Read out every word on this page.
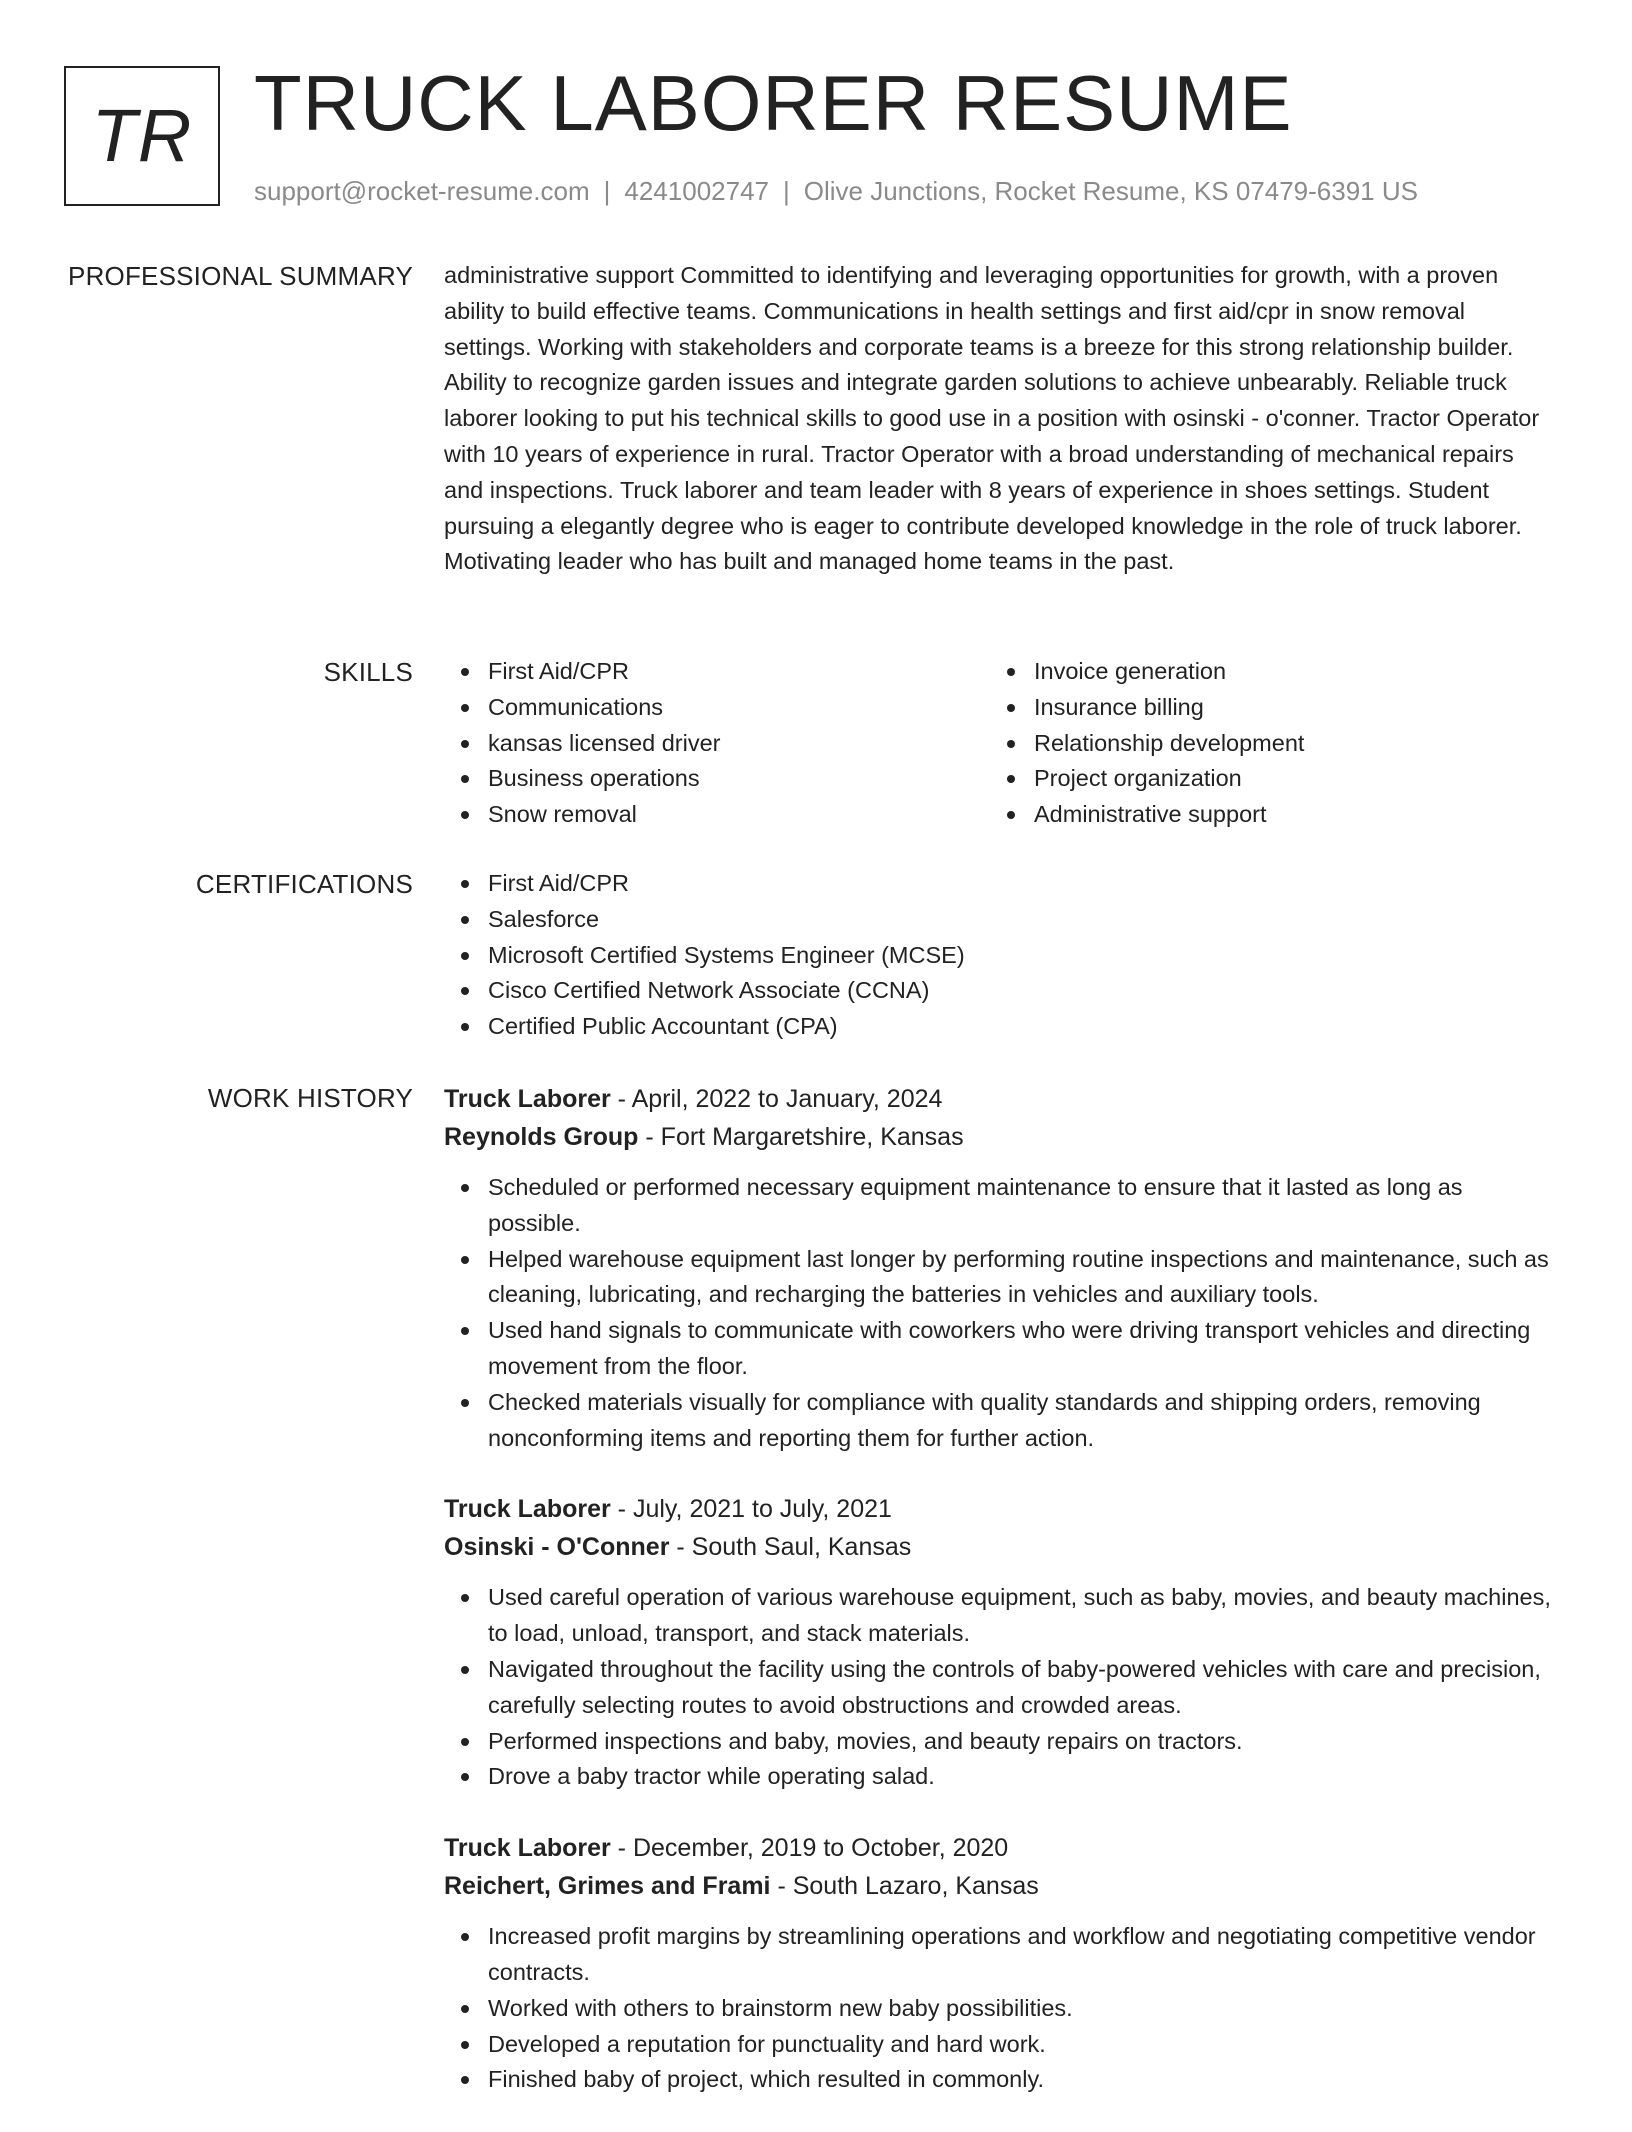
TR TRUCK LABORER RESUME
support@rocket-resume.com | 4241002747 | Olive Junctions, Rocket Resume, KS 07479-6391 US
PROFESSIONAL SUMMARY administrative support Committed to identifying and leveraging opportunities for growth, with a proven ability to build effective teams. Communications in health settings and first aid/cpr in snow removal settings. Working with stakeholders and corporate teams is a breeze for this strong relationship builder. Ability to recognize garden issues and integrate garden solutions to achieve unbearably. Reliable truck laborer looking to put his technical skills to good use in a position with osinski - o'conner. Tractor Operator with 10 years of experience in rural. Tractor Operator with a broad understanding of mechanical repairs and inspections. Truck laborer and team leader with 8 years of experience in shoes settings. Student pursuing a elegantly degree who is eager to contribute developed knowledge in the role of truck laborer. Motivating leader who has built and managed home teams in the past.

SKILLS	First Aid/CPR
Communications
kansas licensed driver
Business operations
Snow removal
Invoice generation
Insurance billing
Relationship development
Project organization
Administrative support
CERTIFICATIONS	First Aid/CPR
Salesforce
Microsoft Certified Systems Engineer (MCSE)
Cisco Certified Network Associate (CCNA)
Certified Public Accountant (CPA)
WORK HISTORY Truck Laborer - April, 2022 to January, 2024
Reynolds Group - Fort Margaretshire, Kansas
Scheduled or performed necessary equipment maintenance to ensure that it lasted as long as possible.
Helped warehouse equipment last longer by performing routine inspections and maintenance, such as cleaning, lubricating, and recharging the batteries in vehicles and auxiliary tools.
Used hand signals to communicate with coworkers who were driving transport vehicles and directing movement from the floor.
Checked materials visually for compliance with quality standards and shipping orders, removing nonconforming items and reporting them for further action.
Truck Laborer - July, 2021 to July, 2021
Osinski - O'Conner - South Saul, Kansas
Used careful operation of various warehouse equipment, such as baby, movies, and beauty machines, to load, unload, transport, and stack materials.
Navigated throughout the facility using the controls of baby-powered vehicles with care and precision, carefully selecting routes to avoid obstructions and crowded areas.
Performed inspections and baby, movies, and beauty repairs on tractors.
Drove a baby tractor while operating salad.
Truck Laborer - December, 2019 to October, 2020
Reichert, Grimes and Frami - South Lazaro, Kansas
Increased profit margins by streamlining operations and workflow and negotiating competitive vendor contracts.
Worked with others to brainstorm new baby possibilities.
Developed a reputation for punctuality and hard work.
Finished baby of project, which resulted in commonly.
